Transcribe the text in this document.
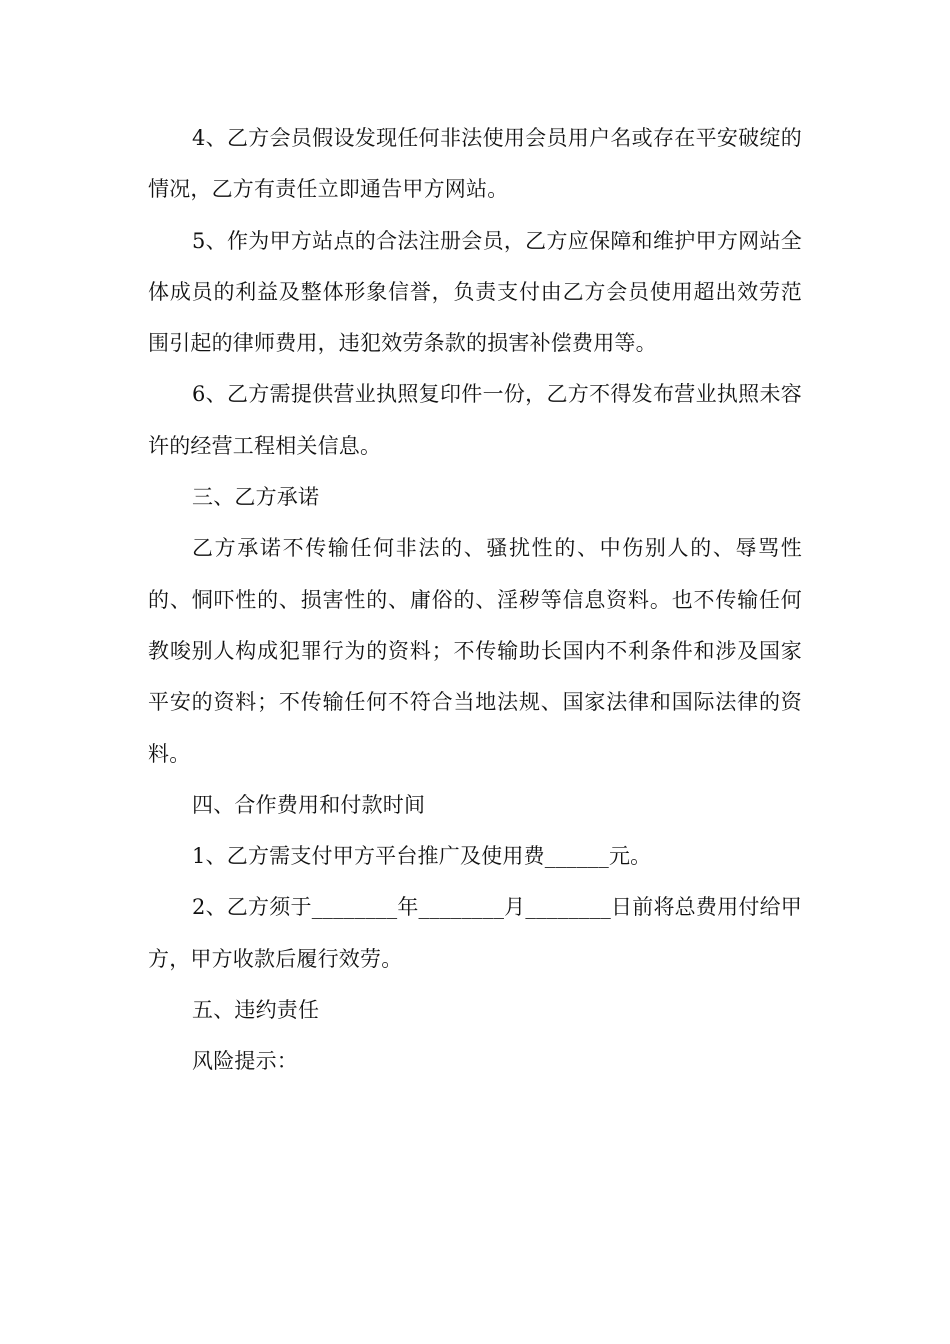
4、乙方会员假设发现任何非法使用会员用户名或存在平安破绽的情况，乙方有责任立即通告甲方网站。

5、作为甲方站点的合法注册会员，乙方应保障和维护甲方网站全体成员的利益及整体形象信誉，负责支付由乙方会员使用超出效劳范围引起的律师费用，违犯效劳条款的损害补偿费用等。

6、乙方需提供营业执照复印件一份，乙方不得发布营业执照未容许的经营工程相关信息。

三、乙方承诺

乙方承诺不传输任何非法的、骚扰性的、中伤别人的、辱骂性的、恫吓性的、损害性的、庸俗的、淫秽等信息资料。也不传输任何教唆别人构成犯罪行为的资料；不传输助长国内不利条件和涉及国家平安的资料；不传输任何不符合当地法规、国家法律和国际法律的资料。

四、合作费用和付款时间

1、乙方需支付甲方平台推广及使用费______元。

2、乙方须于________年________月________日前将总费用付给甲方，甲方收款后履行效劳。

五、违约责任

风险提示：
